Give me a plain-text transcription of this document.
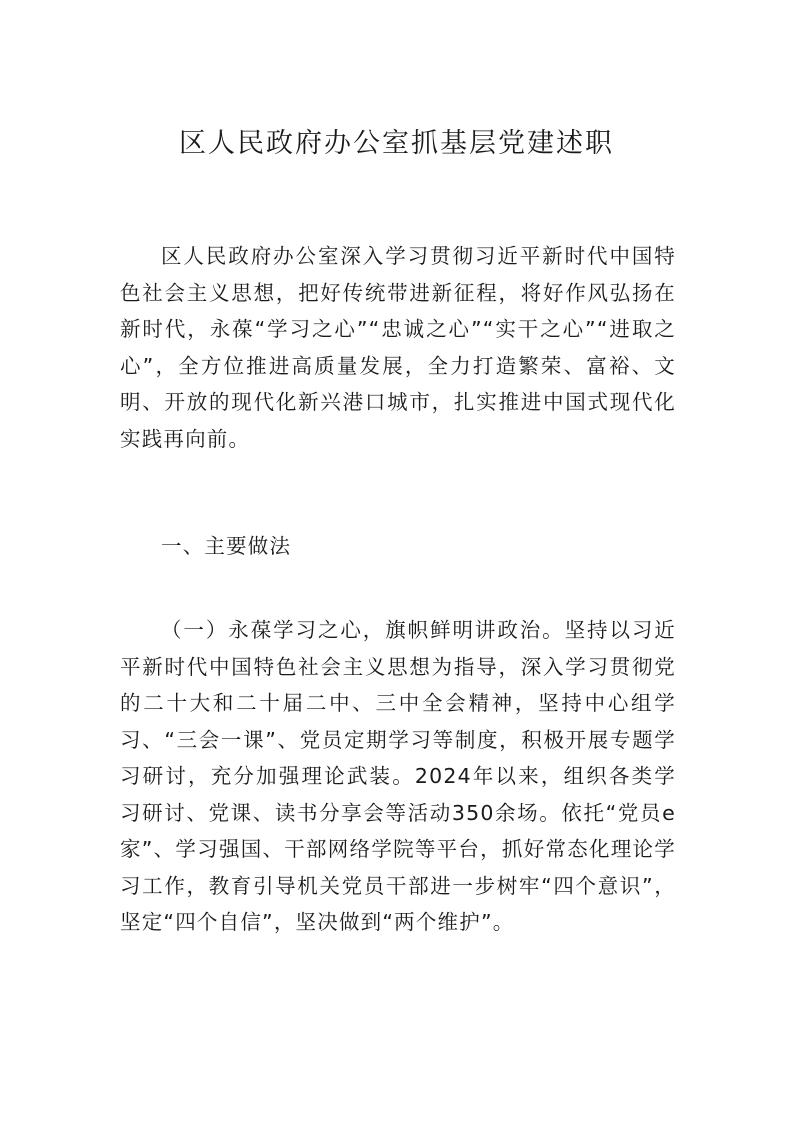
区人民政府办公室抓基层党建述职

区人民政府办公室深入学习贯彻习近平新时代中国特色社会主义思想，把好传统带进新征程，将好作风弘扬在新时代，永葆“学习之心”“忠诚之心”“实干之心”“进取之心”，全方位推进高质量发展，全力打造繁荣、富裕、文明、开放的现代化新兴港口城市，扎实推进中国式现代化实践再向前。

一、主要做法

（一）永葆学习之心，旗帜鲜明讲政治。坚持以习近平新时代中国特色社会主义思想为指导，深入学习贯彻党的二十大和二十届二中、三中全会精神，坚持中心组学习、“三会一课”、党员定期学习等制度，积极开展专题学习研讨，充分加强理论武装。2024年以来，组织各类学习研讨、党课、读书分享会等活动350余场。依托“党员e家”、学习强国、干部网络学院等平台，抓好常态化理论学习工作，教育引导机关党员干部进一步树牢“四个意识”，坚定“四个自信”，坚决做到“两个维护”。
